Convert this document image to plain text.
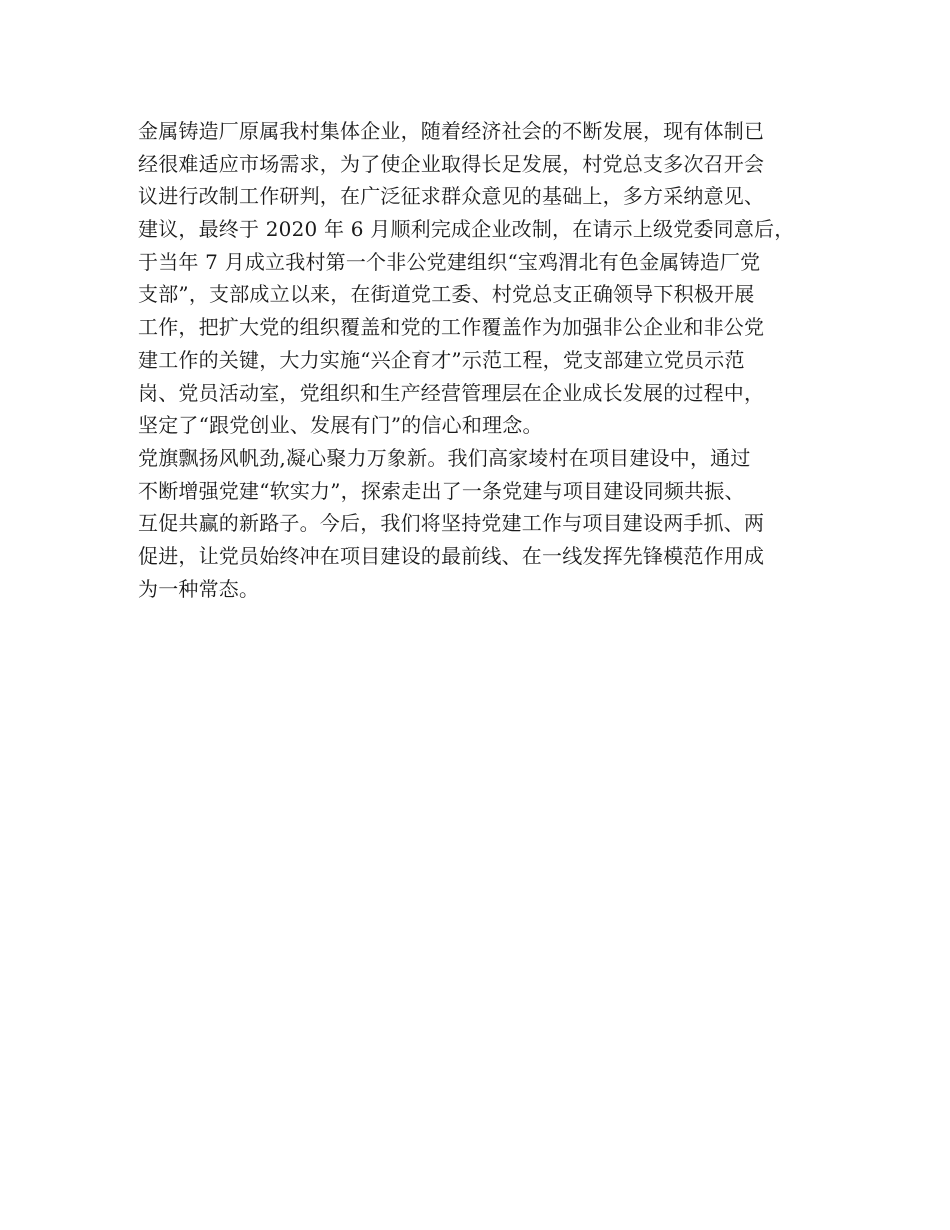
金属铸造厂原属我村集体企业，随着经济社会的不断发展，现有体制已
经很难适应市场需求，为了使企业取得长足发展，村党总支多次召开会
议进行改制工作研判，在广泛征求群众意见的基础上，多方采纳意见、
建议，最终于 2020 年 6 月顺利完成企业改制，在请示上级党委同意后，
于当年 7 月成立我村第一个非公党建组织“宝鸡渭北有色金属铸造厂党
支部”，支部成立以来，在街道党工委、村党总支正确领导下积极开展
工作，把扩大党的组织覆盖和党的工作覆盖作为加强非公企业和非公党
建工作的关键，大力实施“兴企育才”示范工程，党支部建立党员示范
岗、党员活动室，党组织和生产经营管理层在企业成长发展的过程中，
坚定了“跟党创业、发展有门”的信心和理念。
党旗飘扬风帆劲,凝心聚力万象新。我们高家堎村在项目建设中，通过
不断增强党建“软实力”，探索走出了一条党建与项目建设同频共振、
互促共赢的新路子。今后，我们将坚持党建工作与项目建设两手抓、两
促进，让党员始终冲在项目建设的最前线、在一线发挥先锋模范作用成
为一种常态。
